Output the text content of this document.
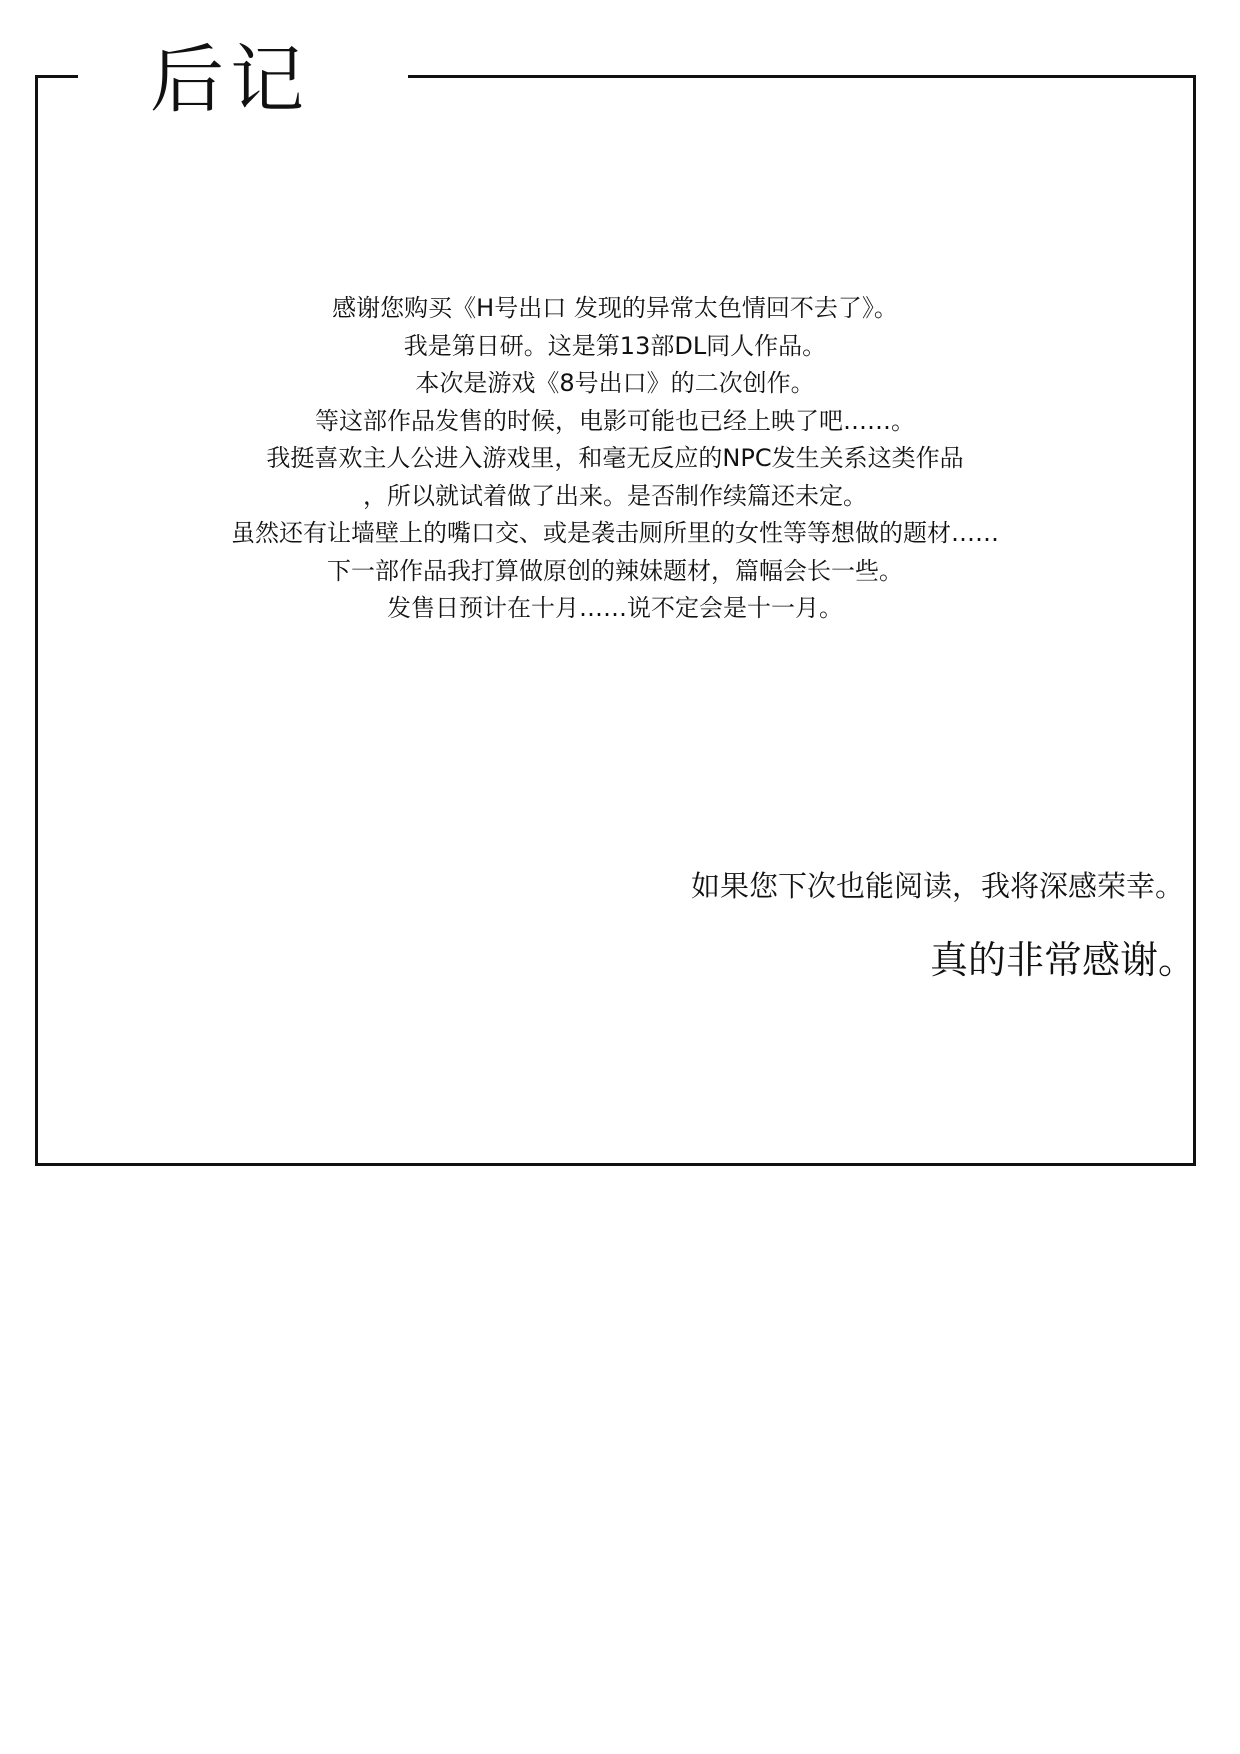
后记
感谢您购买《H号出口 发现的异常太色情回不去了》。
我是第日研。这是第13部DL同人作品。
本次是游戏《8号出口》的二次创作。
等这部作品发售的时候，电影可能也已经上映了吧……。
我挺喜欢主人公进入游戏里，和毫无反应的NPC发生关系这类作品
，所以就试着做了出来。是否制作续篇还未定。
虽然还有让墙壁上的嘴口交、或是袭击厕所里的女性等等想做的题材……
下一部作品我打算做原创的辣妹题材，篇幅会长一些。
发售日预计在十月……说不定会是十一月。
如果您下次也能阅读，我将深感荣幸。
真的非常感谢。
